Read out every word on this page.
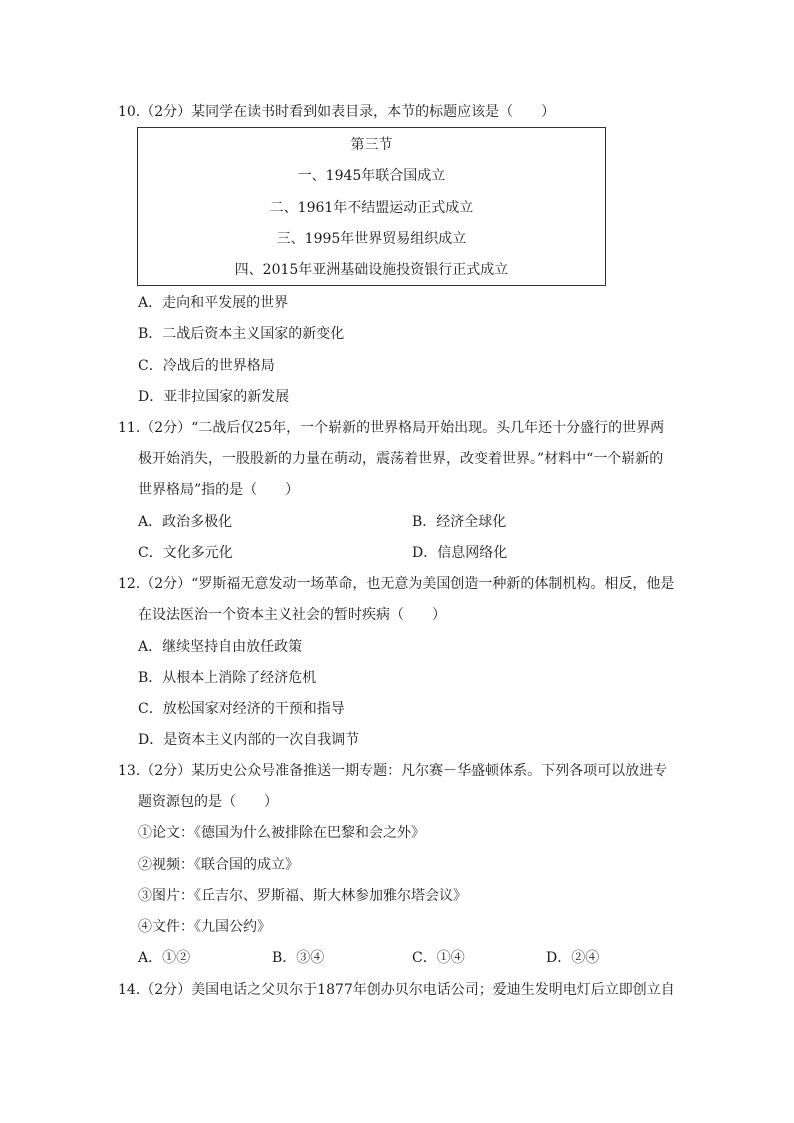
10.（2分）某同学在读书时看到如表目录，本节的标题应该是（　　）
第三节
一、1945年联合国成立
二、1961年不结盟运动正式成立
三、1995年世界贸易组织成立
四、2015年亚洲基础设施投资银行正式成立
A．走向和平发展的世界
B．二战后资本主义国家的新变化
C．冷战后的世界格局
D．亚非拉国家的新发展
11.（2分）“二战后仅25年，一个崭新的世界格局开始出现。头几年还十分盛行的世界两
极开始消失，一股股新的力量在萌动，震荡着世界，改变着世界。”材料中“一个崭新的
世界格局”指的是（　　）
A．政治多极化	B．经济全球化
C．文化多元化	D．信息网络化
12.（2分）“罗斯福无意发动一场革命，也无意为美国创造一种新的体制机构。相反，他是
在设法医治一个资本主义社会的暂时疾病（　　）
A．继续坚持自由放任政策
B．从根本上消除了经济危机
C．放松国家对经济的干预和指导
D．是资本主义内部的一次自我调节
13.（2分）某历史公众号准备推送一期专题：凡尔赛－华盛顿体系。下列各项可以放进专
题资源包的是（　　）
①论文：《德国为什么被排除在巴黎和会之外》
②视频：《联合国的成立》
③图片：《丘吉尔、罗斯福、斯大林参加雅尔塔会议》
④文件：《九国公约》
A．①②	B．③④	C．①④	D．②④
14.（2分）美国电话之父贝尔于1877年创办贝尔电话公司；爱迪生发明电灯后立即创立自
